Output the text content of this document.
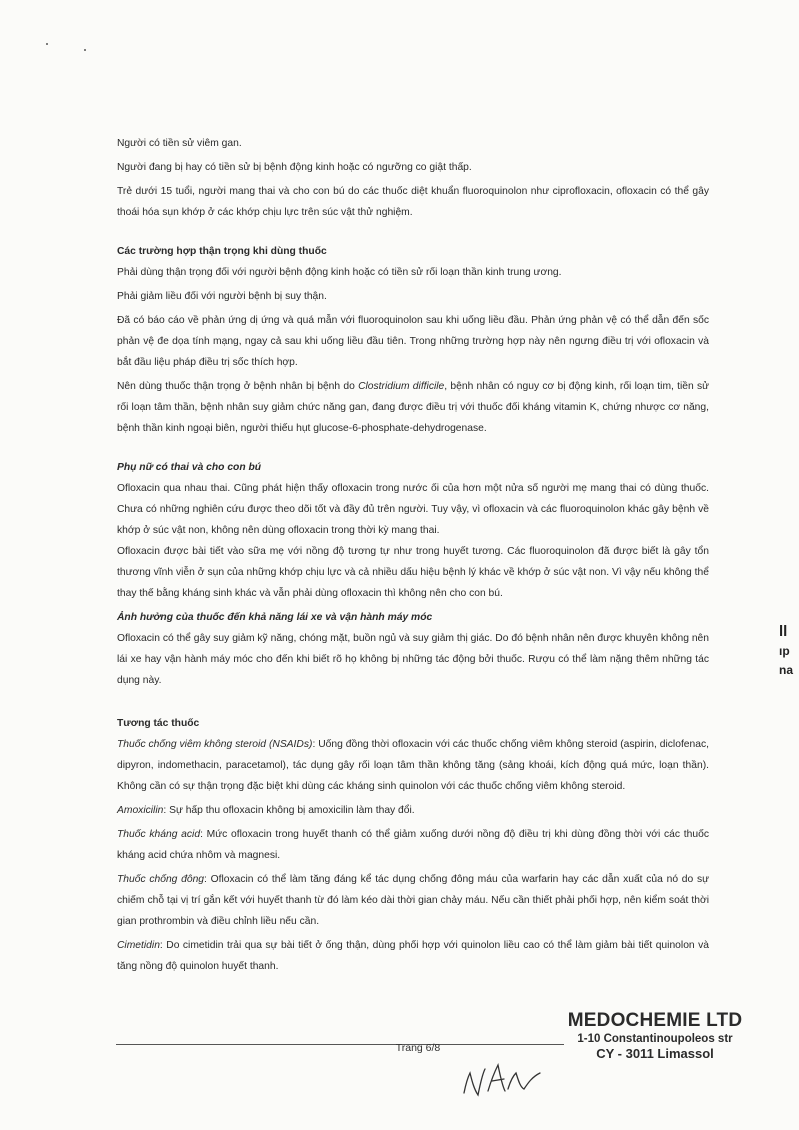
Người có tiền sử viêm gan.

Người đang bị hay có tiền sử bị bệnh động kinh hoặc có ngưỡng co giật thấp.

Trẻ dưới 15 tuổi, người mang thai và cho con bú do các thuốc diệt khuẩn fluoroquinolon như ciprofloxacin, ofloxacin có thể gây thoái hóa sụn khớp ở các khớp chịu lực trên súc vật thử nghiệm.

Các trường hợp thận trọng khi dùng thuốc

Phải dùng thận trọng đối với người bệnh động kinh hoặc có tiền sử rối loạn thần kinh trung ương.

Phải giảm liều đối với người bệnh bị suy thận.

Đã có báo cáo về phản ứng dị ứng và quá mẫn với fluoroquinolon sau khi uống liều đầu. Phản ứng phản vệ có thể dẫn đến sốc phản vệ đe dọa tính mạng, ngay cả sau khi uống liều đầu tiên. Trong những trường hợp này nên ngưng điều trị với ofloxacin và bắt đầu liệu pháp điều trị sốc thích hợp.

Nên dùng thuốc thận trọng ở bệnh nhân bị bệnh do Clostridium difficile, bệnh nhân có nguy cơ bị động kinh, rối loạn tim, tiền sử rối loạn tâm thần, bệnh nhân suy giảm chức năng gan, đang được điều trị với thuốc đối kháng vitamin K, chứng nhược cơ năng, bệnh thần kinh ngoại biên, người thiếu hụt glucose-6-phosphate-dehydrogenase.

Phụ nữ có thai và cho con bú

Ofloxacin qua nhau thai. Cũng phát hiện thấy ofloxacin trong nước ối của hơn một nửa số người mẹ mang thai có dùng thuốc. Chưa có những nghiên cứu được theo dõi tốt và đầy đủ trên người. Tuy vậy, vì ofloxacin và các fluoroquinolon khác gây bệnh về khớp ở súc vật non, không nên dùng ofloxacin trong thời kỳ mang thai.

Ofloxacin được bài tiết vào sữa mẹ với nồng độ tương tự như trong huyết tương. Các fluoroquinolon đã được biết là gây tổn thương vĩnh viễn ở sụn của những khớp chịu lực và cả nhiều dấu hiệu bệnh lý khác về khớp ở súc vật non. Vì vậy nếu không thể thay thế bằng kháng sinh khác và vẫn phải dùng ofloxacin thì không nên cho con bú.

Ảnh hưởng của thuốc đến khả năng lái xe và vận hành máy móc

Ofloxacin có thể gây suy giảm kỹ năng, chóng mặt, buồn ngủ và suy giảm thị giác. Do đó bệnh nhân nên được khuyên không nên lái xe hay vận hành máy móc cho đến khi biết rõ họ không bị những tác động bởi thuốc. Rượu có thể làm nặng thêm những tác dụng này.

Tương tác thuốc

Thuốc chống viêm không steroid (NSAIDs): Uống đồng thời ofloxacin với các thuốc chống viêm không steroid (aspirin, diclofenac, dipyron, indomethacin, paracetamol), tác dụng gây rối loạn tâm thần không tăng (sảng khoái, kích động quá mức, loạn thần). Không cần có sự thận trọng đặc biệt khi dùng các kháng sinh quinolon với các thuốc chống viêm không steroid.

Amoxicilin: Sự hấp thu ofloxacin không bị amoxicilin làm thay đổi.

Thuốc kháng acid: Mức ofloxacin trong huyết thanh có thể giảm xuống dưới nồng độ điều trị khi dùng đồng thời với các thuốc kháng acid chứa nhôm và magnesi.

Thuốc chống đông: Ofloxacin có thể làm tăng đáng kể tác dụng chống đông máu của warfarin hay các dẫn xuất của nó do sự chiếm chỗ tại vị trí gắn kết với huyết thanh từ đó làm kéo dài thời gian chảy máu. Nếu cần thiết phải phối hợp, nên kiểm soát thời gian prothrombin và điều chỉnh liều nếu cần.

Cimetidin: Do cimetidin trải qua sự bài tiết ở ống thận, dùng phối hợp với quinolon liều cao có thể làm giảm bài tiết quinolon và tăng nồng độ quinolon huyết thanh.

ll
ıp
na
Trang 6/8
MEDOCHEMIE LTD
1-10 Constantinoupoleos str
CY - 3011 Limassol
